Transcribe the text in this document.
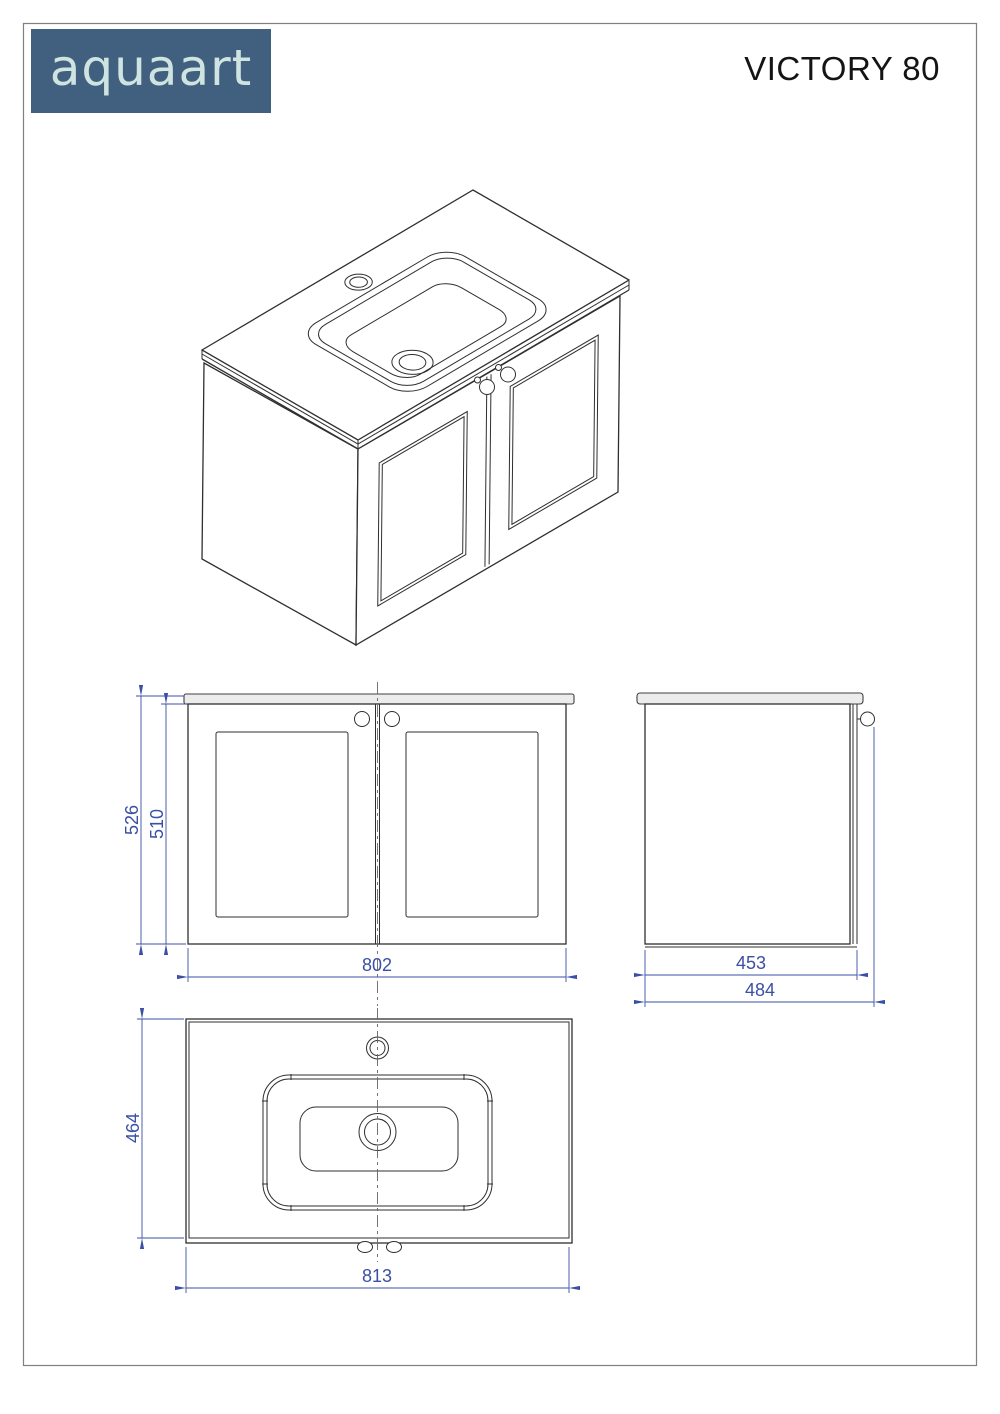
aquaart	VICTORY 80
526 510
802	453
484
464
813
